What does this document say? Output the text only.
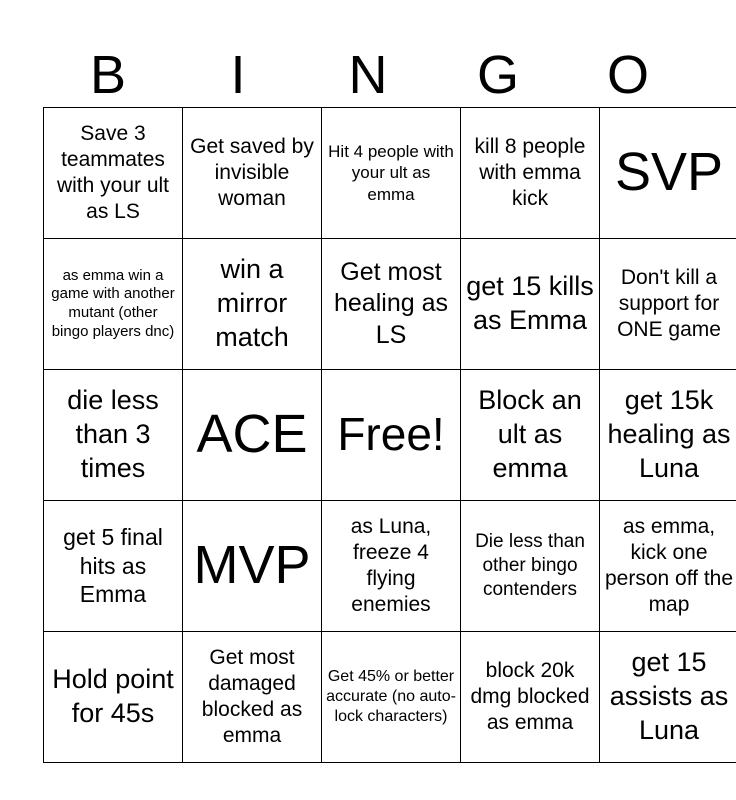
B	I	N	G	O
Save 3 teammates with your ult as LS	Get saved by invisible woman	Hit 4 people with your ult as emma	kill 8 people with emma kick	SVP
as emma win a game with another mutant (other bingo players dnc)	win a mirror match	Get most healing as LS	get 15 kills as Emma	Don't kill a support for ONE game
die less than 3 times	ACE	Free!	Block an ult as emma	get 15k healing as Luna
get 5 final hits as Emma	MVP	as Luna, freeze 4 flying enemies	Die less than other bingo contenders	as emma, kick one person off the map
Hold point for 45s	Get most damaged blocked as emma	Get 45% or better accurate (no auto-lock characters)	block 20k dmg blocked as emma	get 15 assists as Luna
